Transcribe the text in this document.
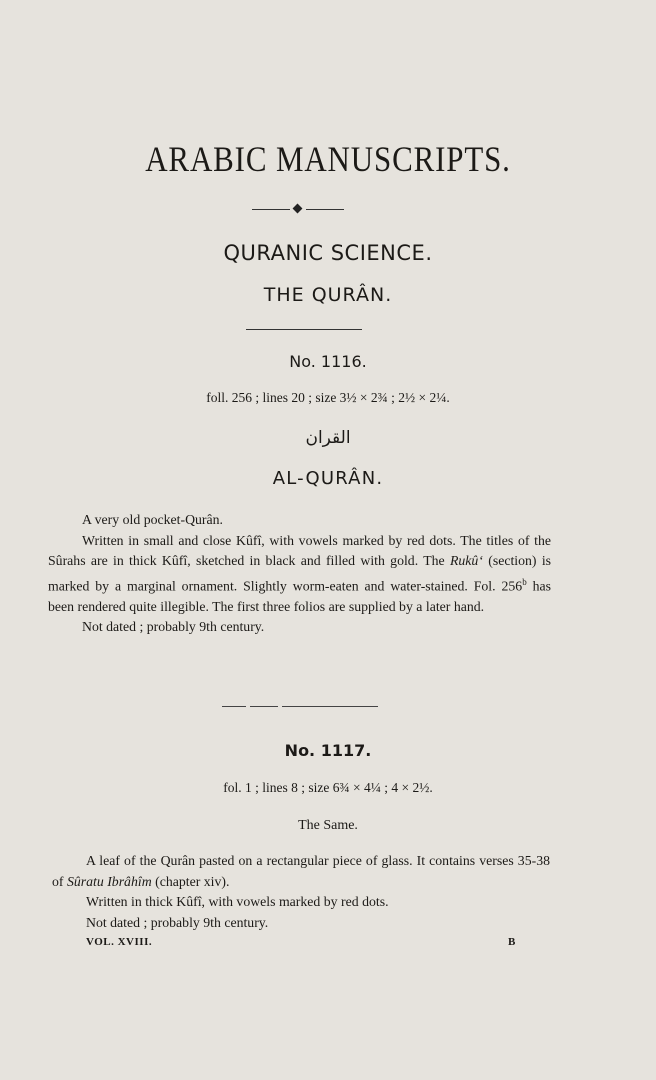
ARABIC MANUSCRIPTS.
QURANIC SCIENCE.
THE QURÂN.
No. 1116.
foll. 256 ; lines 20 ; size 3½ × 2¾ ; 2½ × 2¼.
القران
AL-QURÂN.

A very old pocket-Qurân.

Written in small and close Kûfî, with vowels marked by red dots. The titles of the Sûrahs are in thick Kûfî, sketched in black and filled with gold. The Rukû‘ (section) is marked by a marginal ornament. Slightly worm-eaten and water-stained. Fol. 256$^b$ has been rendered quite illegible. The first three folios are supplied by a later hand.

Not dated ; probably 9th century.

No. 1117.
fol. 1 ; lines 8 ; size 6¾ × 4¼ ; 4 × 2½.
The Same.

A leaf of the Qurân pasted on a rectangular piece of glass. It contains verses 35-38 of Sûratu Ibrâhîm (chapter xiv).

Written in thick Kûfî, with vowels marked by red dots.

Not dated ; probably 9th century.

VOL. XVIII.	B
